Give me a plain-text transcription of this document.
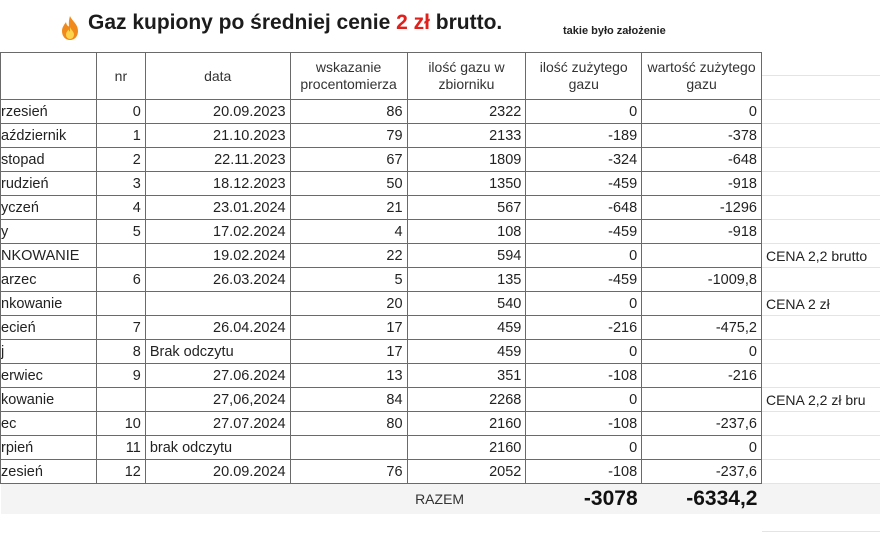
Gaz kupiony po średniej cenie 2 zł brutto.	takie było założenie
	nr	data	wskazanie procentomierza	ilość gazu w zbiorniku	ilość zużytego gazu	wartość zużytego gazu	
rzesień	0	20.09.2023	86	2322	0	0	
aździernik	1	21.10.2023	79	2133	-189	-378	
stopad	2	22.11.2023	67	1809	-324	-648	
rudzień	3	18.12.2023	50	1350	-459	-918	
yczeń	4	23.01.2024	21	567	-648	-1296	
y	5	17.02.2024	4	108	-459	-918	
NKOWANIE		19.02.2024	22	594	0		CENA 2,2 brutto
arzec	6	26.03.2024	5	135	-459	-1009,8	
nkowanie			20	540	0		CENA 2 zł
ecień	7	26.04.2024	17	459	-216	-475,2	
j	8	Brak odczytu	17	459	0	0	
erwiec	9	27.06.2024	13	351	-108	-216	
kowanie		27,06,2024	84	2268	0		CENA 2,2 zł bru
ec	10	27.07.2024	80	2160	-108	-237,6	
rpień	11	brak odczytu		2160	0	0	
zesień	12	20.09.2024	76	2052	-108	-237,6	
				RAZEM	-3078	-6334,2	
